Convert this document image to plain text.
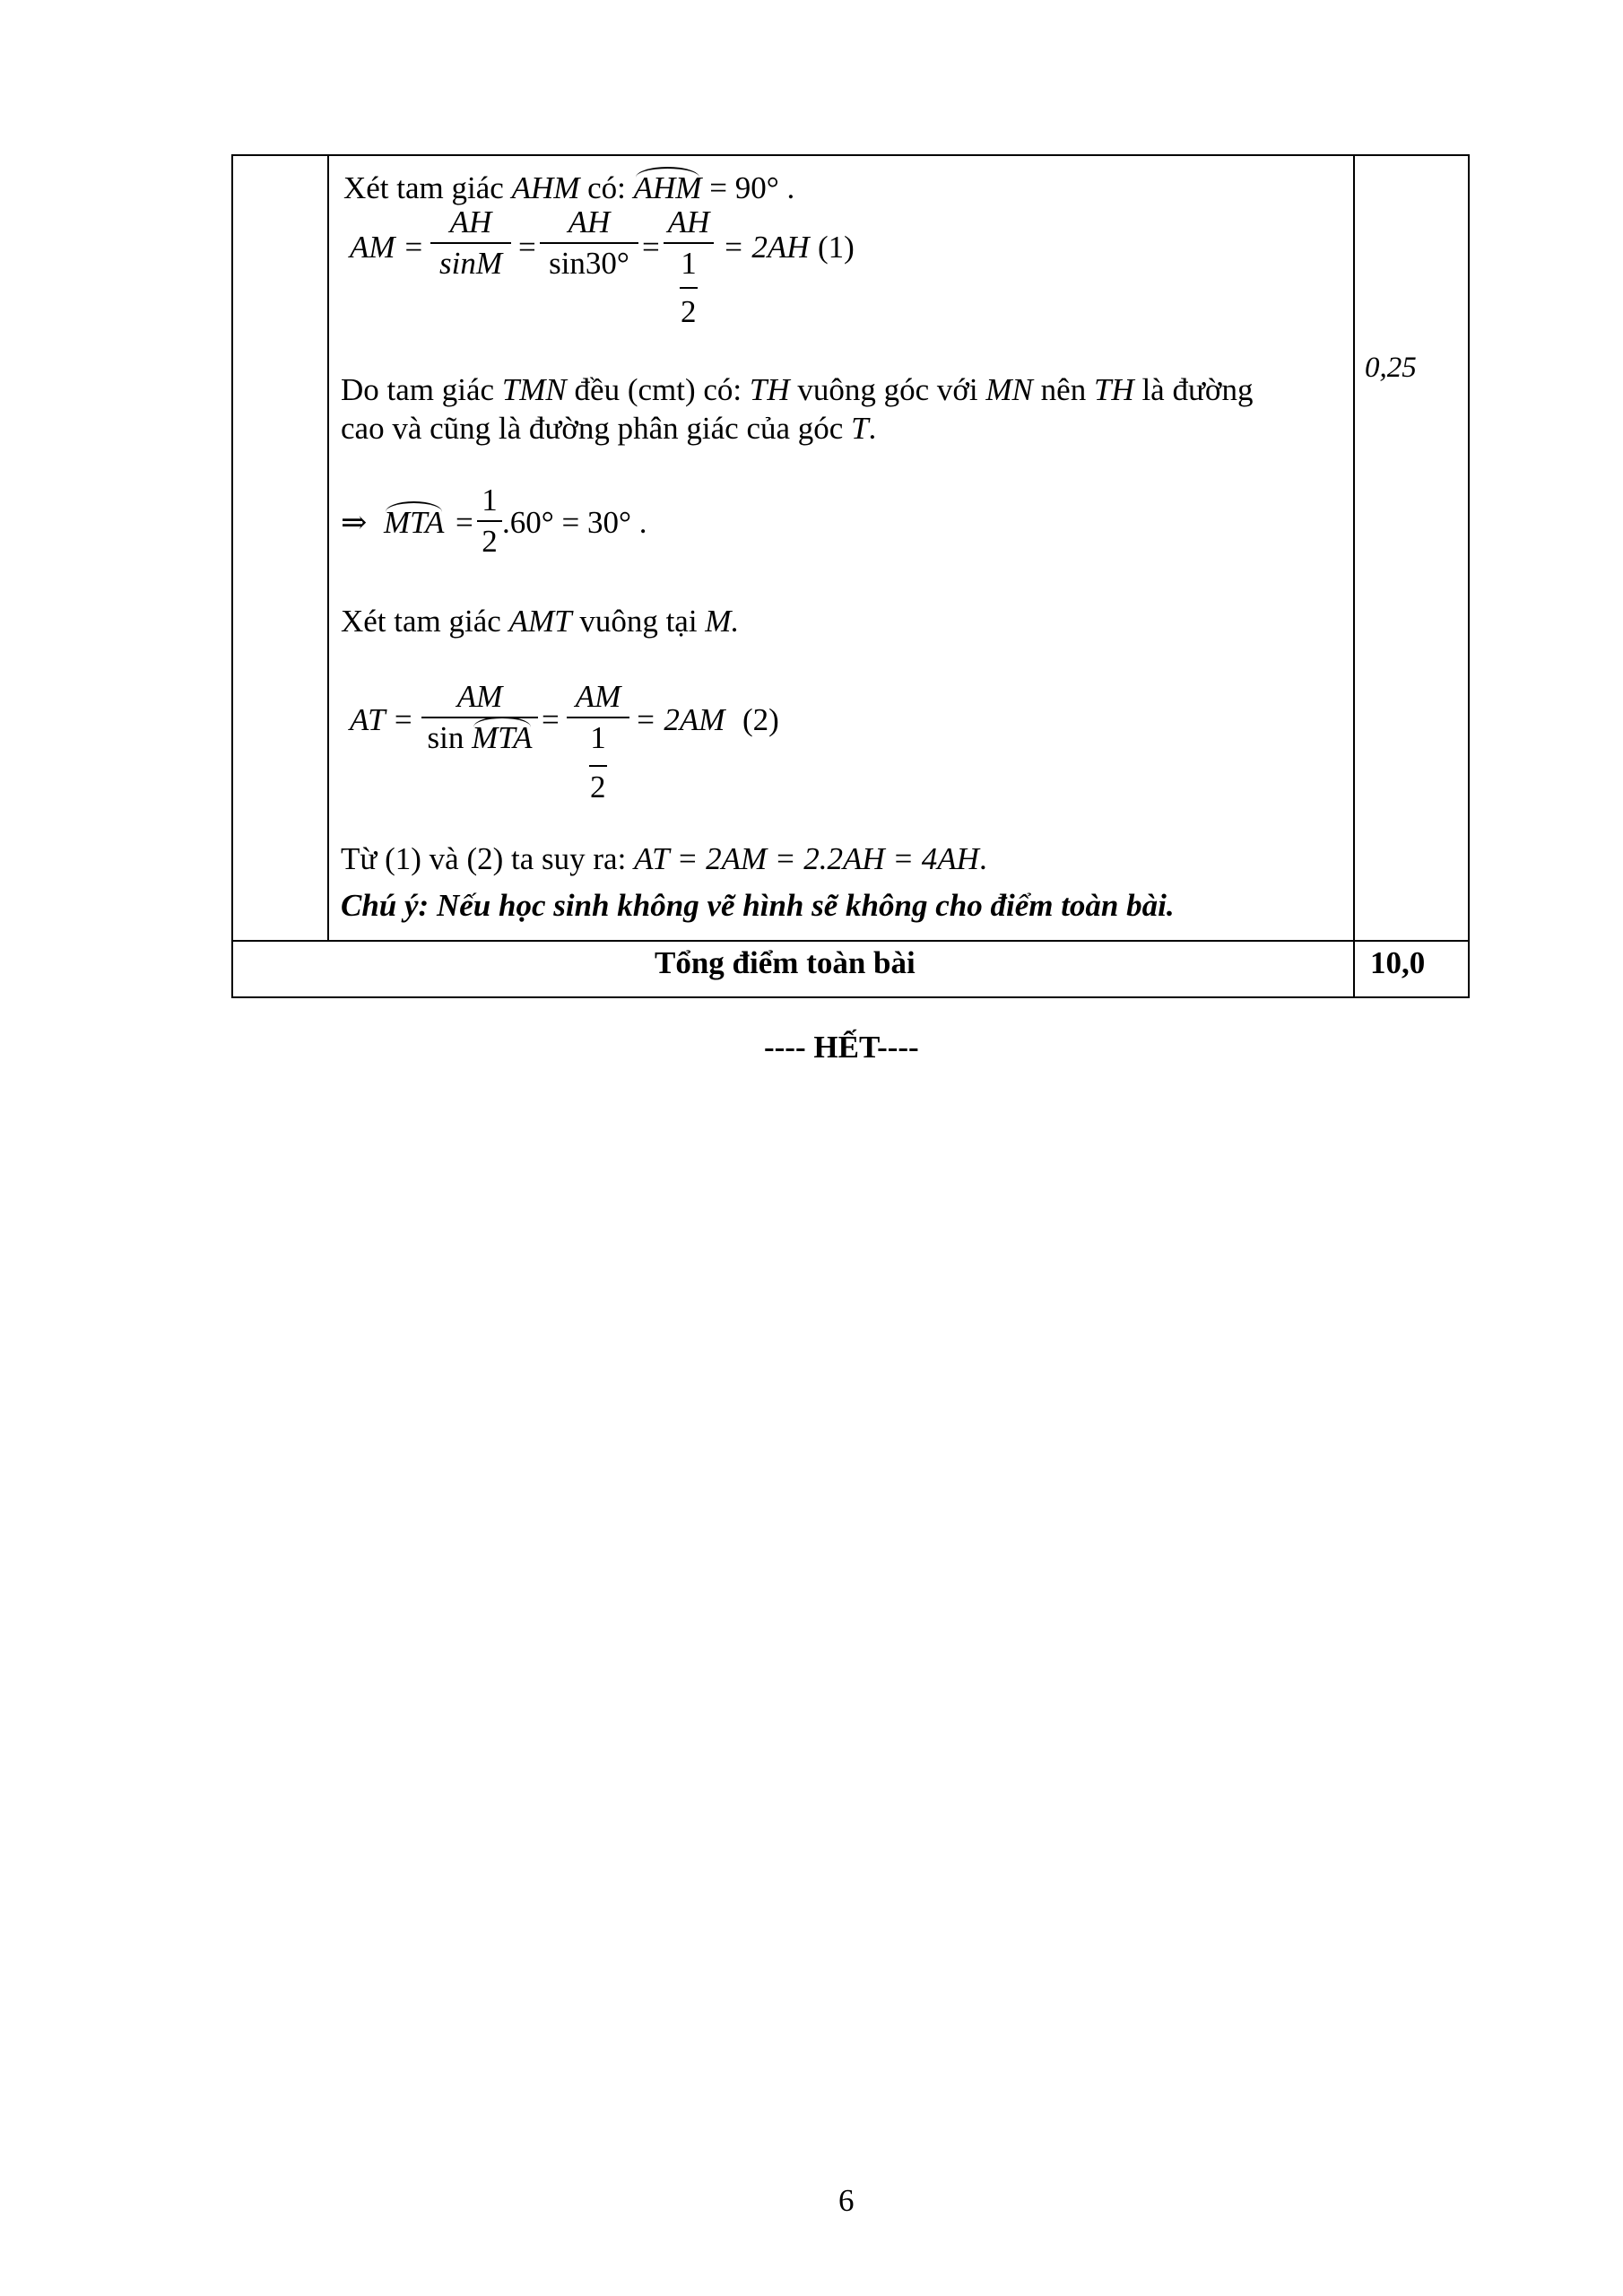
Xét tam giác AHM có:
AHM = 90° .
AM =
AH
sinM =
AH
sin30° =
AH
1
2
= 2AH (1)
Do tam giác TMN đều (cmt) có: TH vuông góc với MN nên TH là đường
cao và cũng là đường phân giác của góc T.
⇒ MTA =
1
2
.60° = 30° .
Xét tam giác AMT vuông tại M.
AT =
AM
sin
MTA
=
AM
1
2
= 2AM (2)
Từ (1) và (2) ta suy ra: AT = 2AM = 2.2AH = 4AH.
Chú ý: Nếu học sinh không vẽ hình sẽ không cho điểm toàn bài.
0,25
Tổng điểm toàn bài	10,0
---- HẾT----
6
